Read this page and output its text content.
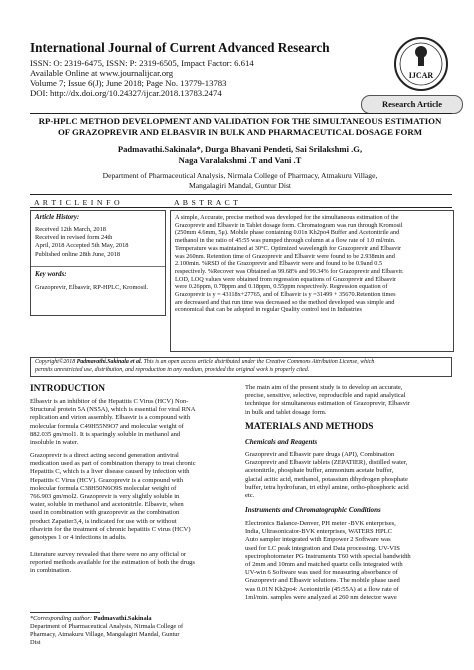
International Journal of Current Advanced Research
ISSN: O: 2319-6475, ISSN: P: 2319-6505, Impact Factor: 6.614
Available Online at www.journalijcar.org
Volume 7; Issue 6(J); June 2018; Page No. 13779-13783
DOI: http://dx.doi.org/10.24327/ijcar.2018.13783.2474
IJCAR
Research Article
RP-HPLC METHOD DEVELOPMENT AND VALIDATION FOR THE SIMULTANEOUS ESTIMATION
OF GRAZOPREVIR AND ELBASVIR IN BULK AND PHARMACEUTICAL DOSAGE FORM
Padmavathi.Sakinala*, Durga Bhavani Pendeti, Sai Srilakshmi .G,
Naga Varalakshmi .T and Vani .T
Department of Pharmaceutical Analysis, Nirmala College of Pharmacy, Atmakuru Village,
Mangalagiri Mandal, Guntur Dist
A R T I C L E I N F O	A B S T R A C T
Article History:
Received 12th March, 2018
Received in revised form 24th
April, 2018 Accepted 5th May, 2018
Published online 28th June, 2018
Key words:
Grazoprevir, Elbasvir, RP-HPLC, Kromosil.
A simple, Accurate, precise method was developed for the simultaneous estimation of the
Grazoprevir and Elbasvir in Tablet dosage form. Chromatogram was run through Kromosil
(250mm 4.6mm, 5μ). Mobile phase containing 0.01n Kh2po4 Buffer and Acetonitrile and
methanol in the ratio of 45:55 was pumped through column at a flow rate of 1.0 ml/min.
Temperature was maintained at 30°C. Optimized wavelength for Grazoprevir and Elbasvir
was 260nm. Retention time of Grazoprevir and Elbasvir were found to be 2.938min and
2.100min. %RSD of the Grazoprevir and Elbasvir were and found to be 0.9and 0.5
respectively. %Recover was Obtained as 99.68% and 99.34% for Grazoprevir and Elbasvir.
LOD, LOQ values were obtained from regression equations of Grazoprevir and Elbasvir
were 0.26ppm, 0.78ppm and 0.18ppm, 0.55ppm respectively. Regression equation of
Grazoprevir is y = 43118x+27765, and of Elbasvir is y =31499 + 35670.Retention times
are decreased and that run time was decreased so the method developed was simple and
economical that can be adopted in regular Quality control test in Industries
Copyright©2018 Padmavathi.Sakinala et al. This is an open access article distributed under the Creative Commons Attribution License, which
permits unrestricted use, distribution, and reproduction in any medium, provided the original work is properly cited.
INTRODUCTION
Elbasvir is an inhibitor of the Hepatitis C Virus (HCV) Non-
Structural protein 5A (NS5A), which is essential for viral RNA
replication and virion assembly. Elbasvir is a compound with
molecular formula C49H55N9O7 and molecular weight of
882.035 gm/mol1. It is sparingly soluble in methanol and
insoluble in water.
Grazoprevir is a direct acting second generation antiviral
medication used as part of combination therapy to treat chronic
Hepatitis C, which is a liver disease caused by infection with
Hepatitis C Virus (HCV). Grazoprevir is a compound with
molecular formula C38H50N6O9S molecular weight of
766.903 gm/mol2. Grazoprevir is very slightly soluble in
water, soluble in methanol and acetonitrile. Elbasvir, when
used in combination with grazoprevir as the combination
product Zapatier3,4, is indicated for use with or without
ribavirin for the treatment of chronic hepatitis C virus (HCV)
genotypes 1 or 4 infections in adults.
Literature survey revealed that there were no any official or
reported methods available for the estimation of both the drugs
in combination.
*Corresponding author: Padmavathi.Sakinala
Department of Pharmaceutical Analysis, Nirmala College of
Pharmacy, Atmakuru Village, Mangalagiri Mandal, Guntur
Dist
The main aim of the present study is to develop an accurate,
precise, sensitive, selective, reproducible and rapid analytical
technique for simultaneous estimation of Grazoprevir, Elbasvir
in bulk and tablet dosage form.
MATERIALS AND METHODS
Chemicals and Reagents
Grazoprevir and Elbasvir pare drugs (API), Combination
Grazoprevir and Elbasvir tablets (ZEPATIER), distilled water,
acetonitrile, phosphate buffer, ammonium acetate buffer,
glacial acitic acid, methanol, potassium dihydrogen phosphate
buffer, tetra hydrofuran, tri ethyl amine, ortho-phosphoric acid
etc.
Instruments and Chromatographic Conditions
Electronics Balance-Denver, PH meter -BVK enterprises,
India, Ultrasonicator-BVK enterprises, WATERS HPLC
Auto sampler integrated with Empower 2 Software was
used for LC peak integration and Data processing. UV-VIS
spectrophotometer PG Instruments T60 with special bandwidth
of 2mm and 10mm and matched quartz cells integrated with
UV-win 6 Software was used for measuring absorbance of
Grazoprevir and Elbasvir solutions. The mobile phase used
was 0.01N Kh2po4: Acetonitrile (45:55A) at a flow rate of
1ml/min. samples were analyzed at 260 nm detector wave
